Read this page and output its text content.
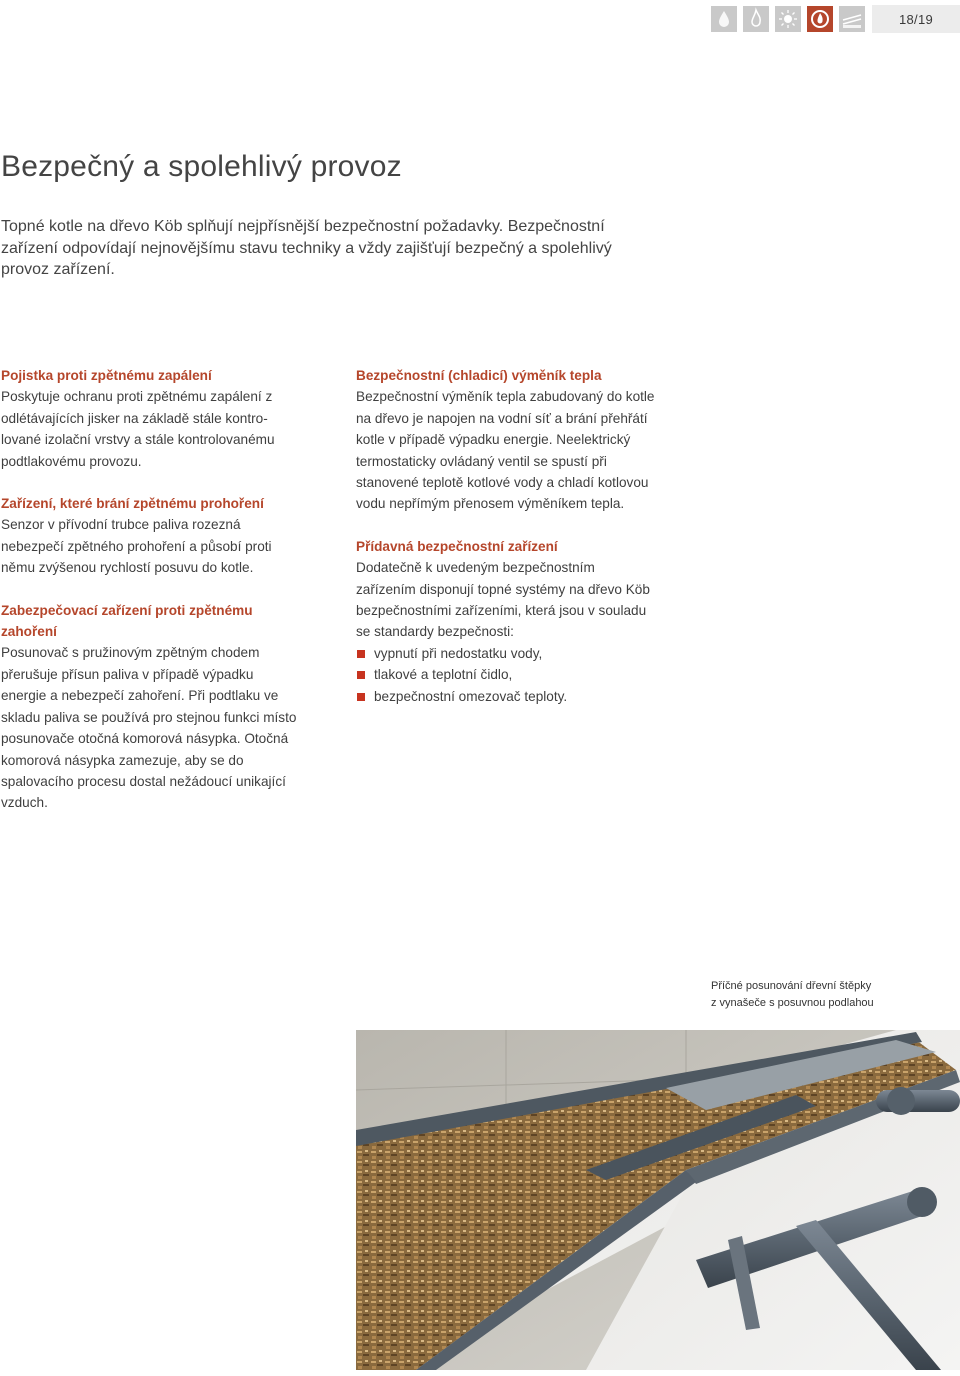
18/19
Bezpečný a spolehlivý provoz

Topné kotle na dřevo Köb splňují nejpřísnější bezpečnostní požadavky. Bezpečnostní zařízení odpovídají nejnovějšímu stavu techniky a vždy zajišťují bezpečný a spolehlivý provoz zařízení.

Pojistka proti zpětnému zapálení

Poskytuje ochranu proti zpětnému zapálení z odlétávajících jisker na základě stále kontrolované izolační vrstvy a stále kontrolovanému podtlakovému provozu.

Zařízení, které brání zpětnému prohoření

Senzor v přívodní trubce paliva rozezná nebezpečí zpětného prohoření a působí proti němu zvýšenou rychlostí posuvu do kotle.

Zabezpečovací zařízení proti zpětnému zahoření

Posunovač s pružinovým zpětným chodem přerušuje přísun paliva v případě výpadku energie a nebezpečí zahoření. Při podtlaku ve skladu paliva se používá pro stejnou funkci místo posunovače otočná komorová násypka. Otočná komorová násypka zamezuje, aby se do spalovacího procesu dostal nežádoucí unikající vzduch.

Bezpečnostní (chladicí) výměník tepla

Bezpečnostní výměník tepla zabudovaný do kotle na dřevo je napojen na vodní síť a brání přehřátí kotle v případě výpadku energie. Neelektrický termostaticky ovládaný ventil se spustí při stanovené teplotě kotlové vody a chladí kotlovou vodu nepřímým přenosem výměníkem tepla.

Přídavná bezpečnostní zařízení

Dodatečně k uvedeným bezpečnostním zařízením disponují topné systémy na dřevo Köb bezpečnostními zařízeními, která jsou v souladu se standardy bezpečnosti:

vypnutí při nedostatku vody,
tlakové a teplotní čidlo,
bezpečnostní omezovač teploty.
Příčné posunování dřevní štěpky
z vynašeče s posuvnou podlahou
